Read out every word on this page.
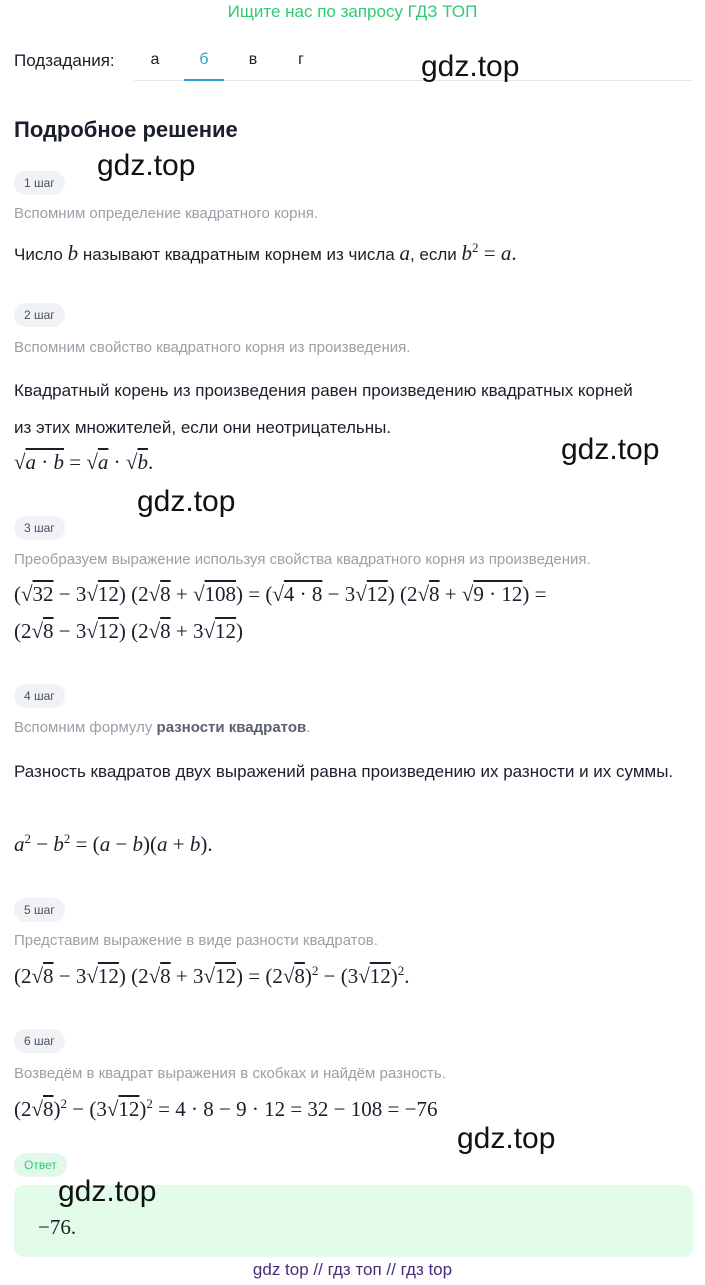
Ищите нас по запросу ГДЗ ТОП
Подзадания:	а	б	в	г	gdz.top
Подробное решение
gdz.top
1 шаг
Вспомним определение квадратного корня.
Число b называют квадратным корнем из числа a, если $b^2 = a$.
2 шаг
Вспомним свойство квадратного корня из произведения.
Квадратный корень из произведения равен произведению квадратных корней из этих множителей, если они неотрицательны.
√a · b = √a · √b.	gdz.top
gdz.top
3 шаг
Преобразуем выражение используя свойства квадратного корня из произведения.
(√32 − 3√12) (2√8 + √108) = (√4 · 8 − 3√12) (2√8 + √9 · 12) =
(2√8 − 3√12) (2√8 + 3√12)
4 шаг
Вспомним формулу разности квадратов.
Разность квадратов двух выражений равна произведению их разности и их суммы.
$a^2 - b^2 = (a - b)(a + b)$.
5 шаг
Представим выражение в виде разности квадратов.
(2√8 − 3√12) $(2√8 + 3√12) = (2√8)^2 - (3√12)^2$.
6 шаг
Возведём в квадрат выражения в скобках и найдём разность.
$(2√8)^2 - (3√12)^2 = 4 \cdot 8 - 9 \cdot 12 = 32 - 108 = -76$
gdz.top
Ответ
gdz.top
−76.
gdz top // гдз топ // гдз top
